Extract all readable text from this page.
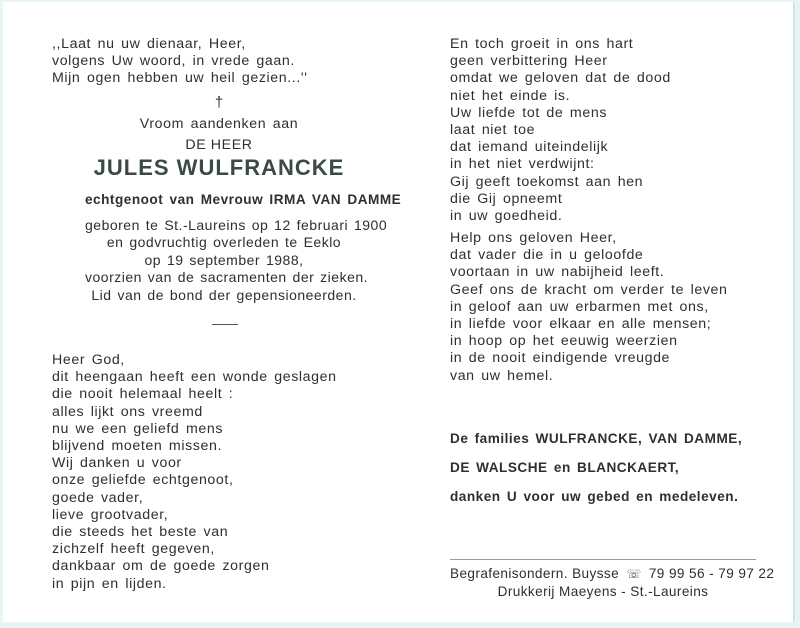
,,Laat nu uw dienaar, Heer,
volgens Uw woord, in vrede gaan.
Mijn ogen hebben uw heil gezien...''
†
Vroom aandenken aan
DE HEER
JULES WULFRANCKE
echtgenoot van Mevrouw IRMA VAN DAMME
geboren te St.-Laureins op 12 februari 1900
en godvruchtig overleden te Eeklo
op 19 september 1988,
voorzien van de sacramenten der zieken.
Lid van de bond der gepensioneerden.
Heer God,
dit heengaan heeft een wonde geslagen
die nooit helemaal heelt :
alles lijkt ons vreemd
nu we een geliefd mens
blijvend moeten missen.
Wij danken u voor
onze geliefde echtgenoot,
goede vader,
lieve grootvader,
die steeds het beste van
zichzelf heeft gegeven,
dankbaar om de goede zorgen
in pijn en lijden.
En toch groeit in ons hart
geen verbittering Heer
omdat we geloven dat de dood
niet het einde is.
Uw liefde tot de mens
laat niet toe
dat iemand uiteindelijk
in het niet verdwijnt:
Gij geeft toekomst aan hen
die Gij opneemt
in uw goedheid.
Help ons geloven Heer,
dat vader die in u geloofde
voortaan in uw nabijheid leeft.
Geef ons de kracht om verder te leven
in geloof aan uw erbarmen met ons,
in liefde voor elkaar en alle mensen;
in hoop op het eeuwig weerzien
in de nooit eindigende vreugde
van uw hemel.
De families WULFRANCKE, VAN DAMME,
DE WALSCHE en BLANCKAERT,
danken U voor uw gebed en medeleven.
Begrafenisondern. Buysse ☏ 79 99 56 - 79 97 22
Drukkerij Maeyens - St.-Laureins
